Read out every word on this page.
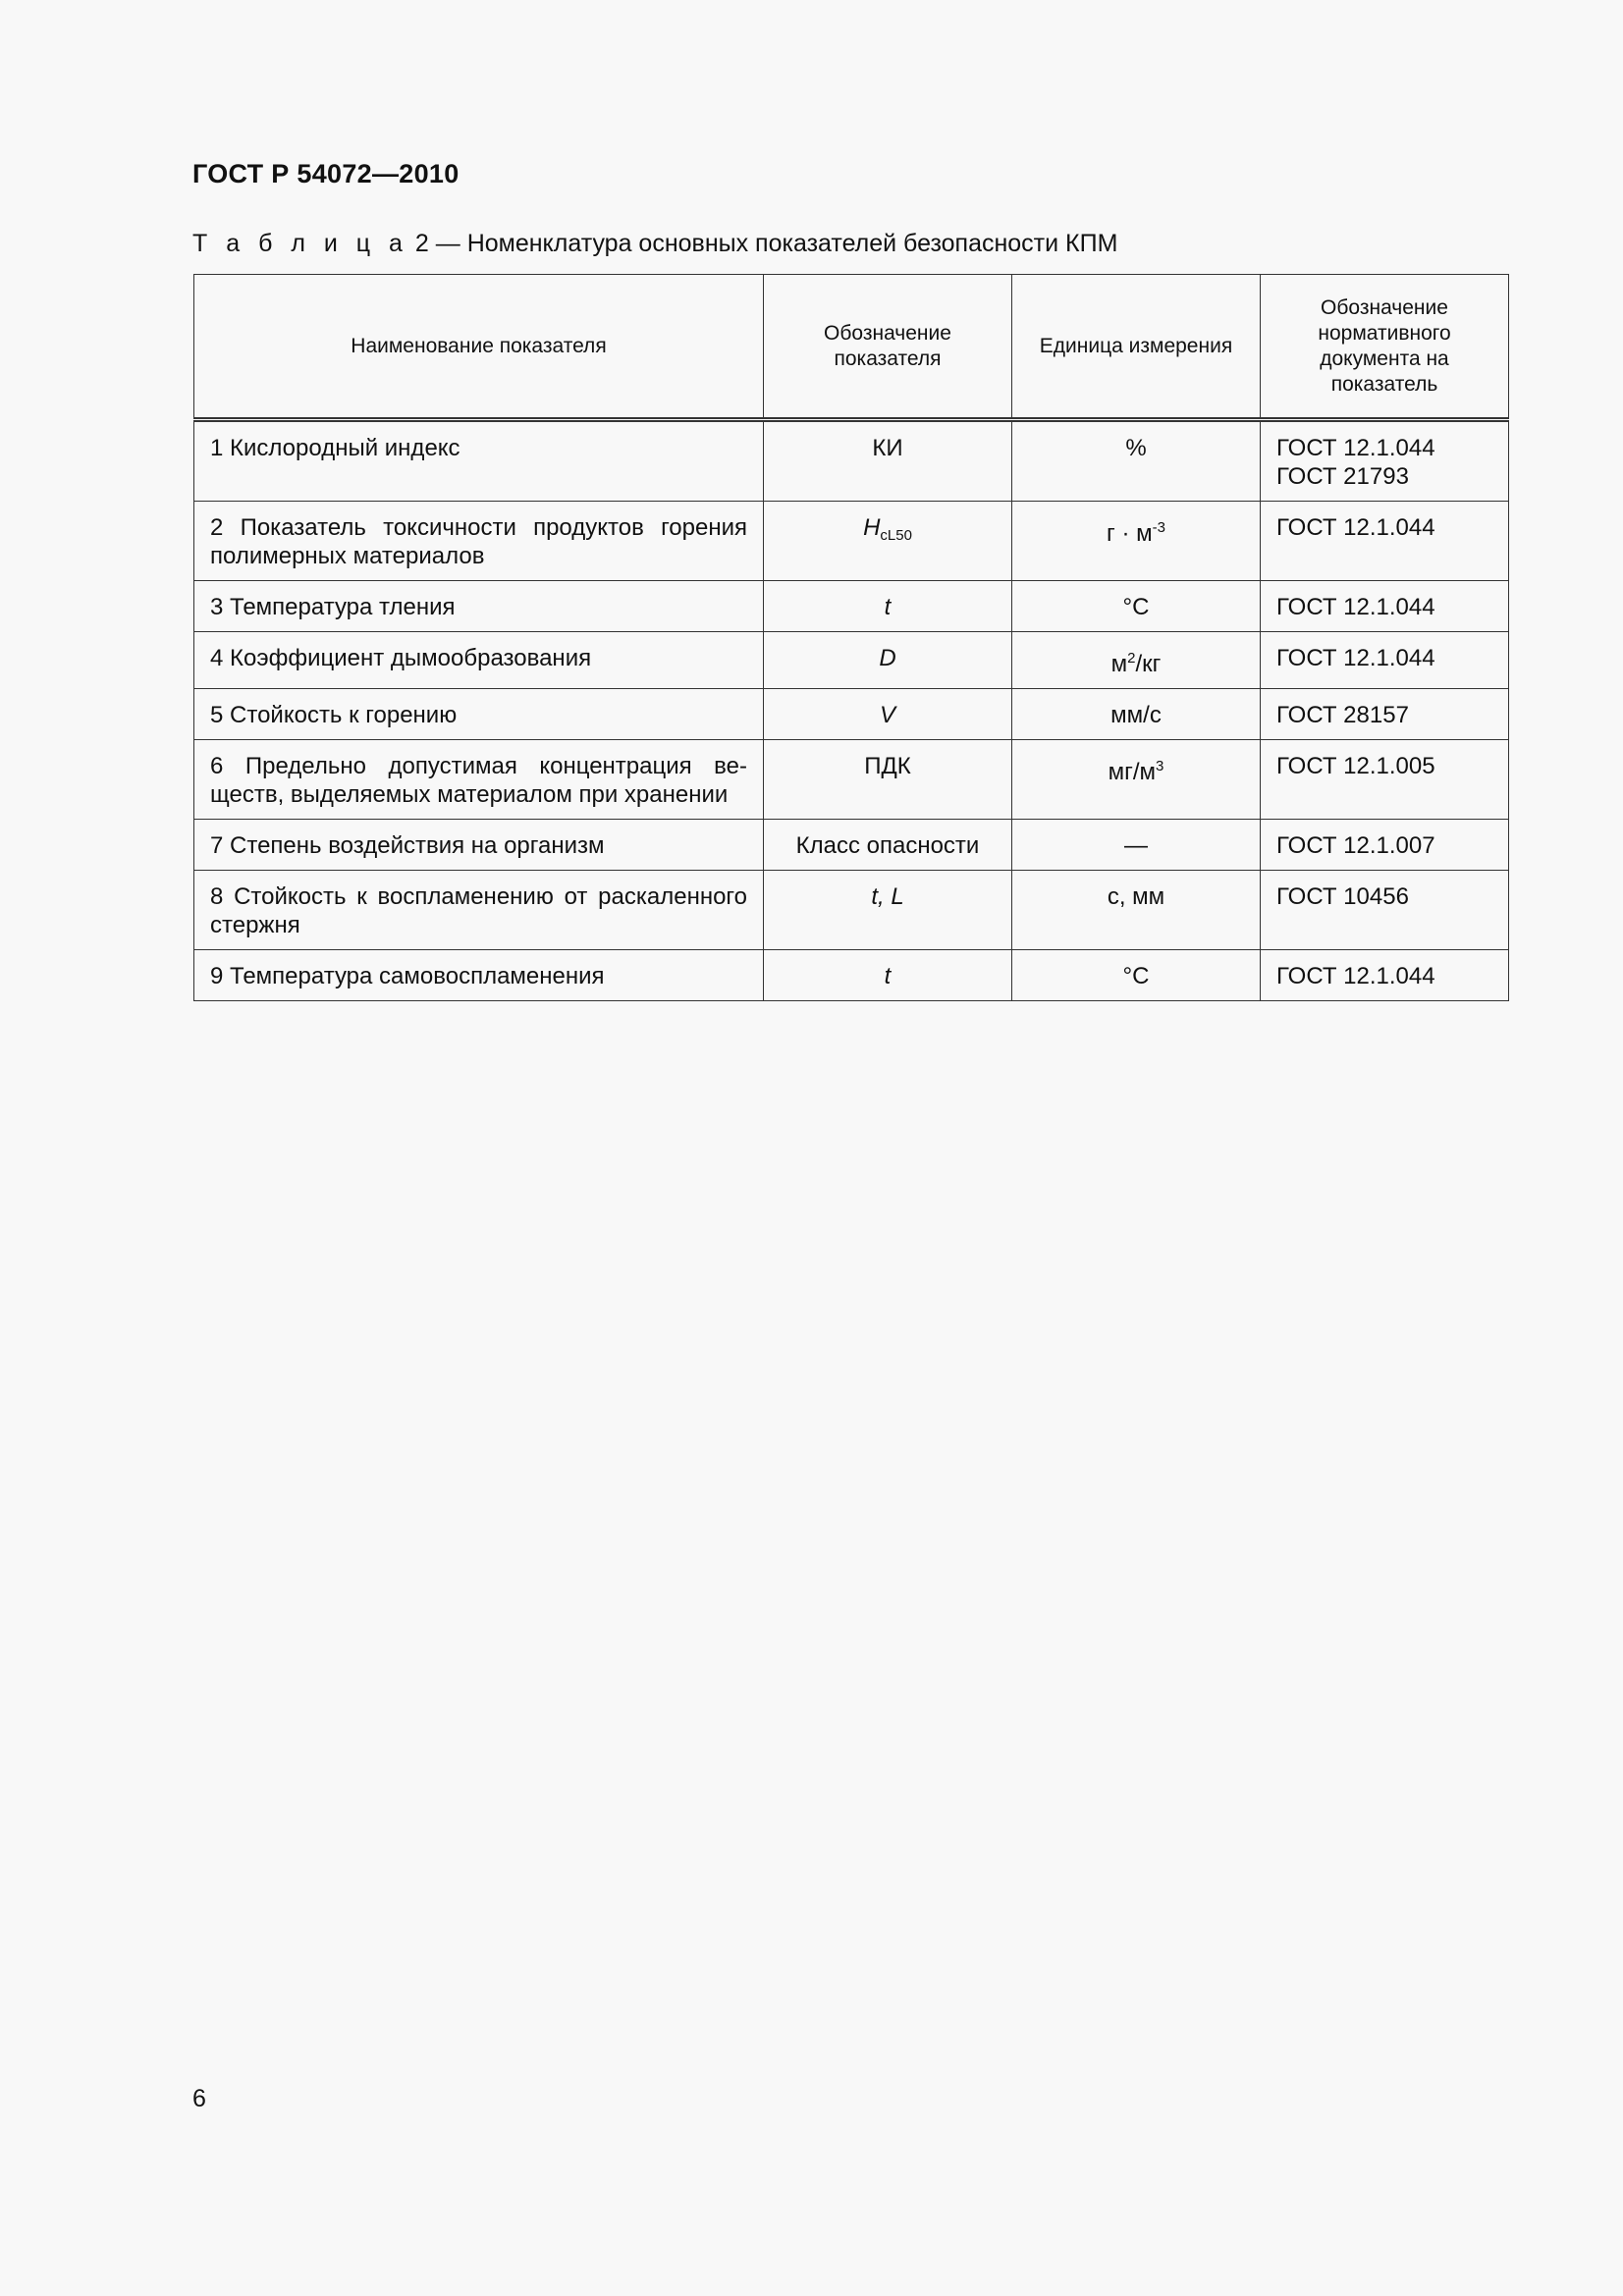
ГОСТ Р 54072—2010

Т а б л и ц а 2 — Номенклатура основных показателей безопасности КПМ

Наименование показателя	Обозначение показателя	Единица измерения	Обозначение нормативного документа на показатель
1 Кислородный индекс	КИ	%	ГОСТ 12.1.044
ГОСТ 21793

2 Показатель токсичности продуктов горения полимерных материалов	$H_{cL50}$	$г \cdot м^{-3}$	ГОСТ 12.1.044

3 Температура тления	t	°C	ГОСТ 12.1.044

4 Коэффициент дымообразования	D	$м^2/кг$	ГОСТ 12.1.044

5 Стойкость к горению	V	мм/с	ГОСТ 28157

6 Предельно допустимая концентрация веществ, выделяемых материалом при хранении	ПДК	$мг/м^3$	ГОСТ 12.1.005

7 Степень воздействия на организм	Класс опасности	—	ГОСТ 12.1.007

8 Стойкость к воспламенению от раскаленного стержня	t, L	с, мм	ГОСТ 10456

9 Температура самовоспламенения	t	°C	ГОСТ 12.1.044

6
